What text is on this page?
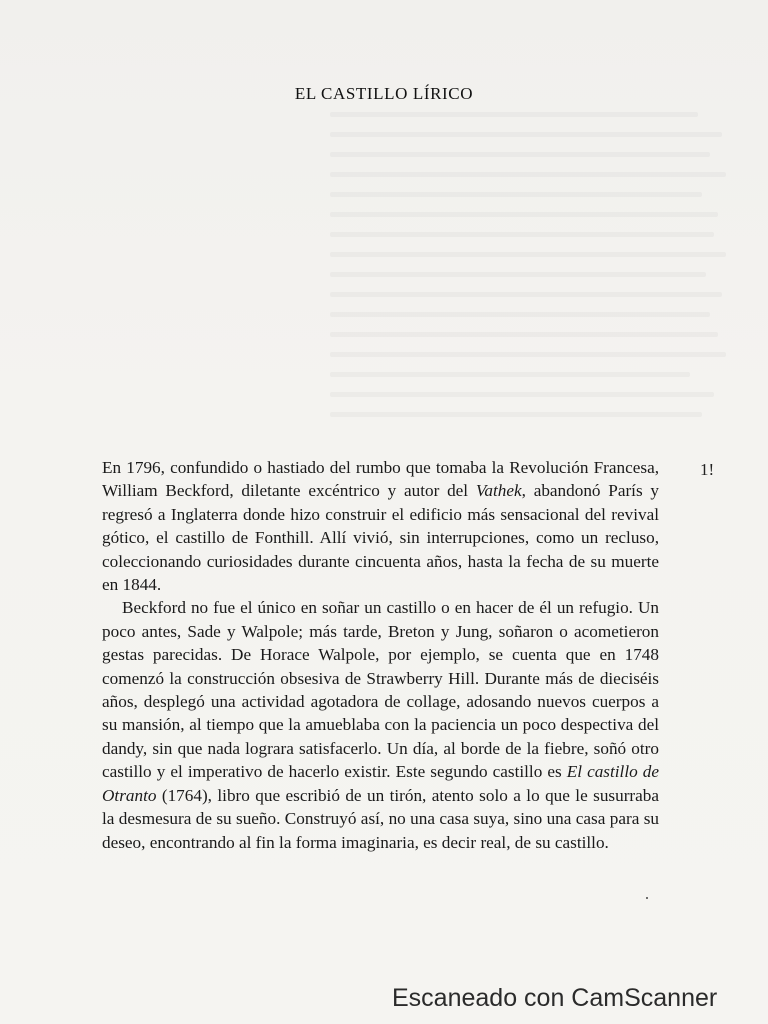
EL CASTILLO LÍRICO
1!

En 1796, confundido o hastiado del rumbo que tomaba la Revolución Francesa, William Beckford, diletante excéntrico y autor del Vathek, abandonó París y regresó a Inglaterra donde hizo construir el edificio más sensacional del revival gótico, el castillo de Fonthill. Allí vivió, sin interrupciones, como un recluso, coleccionando curiosidades durante cincuenta años, hasta la fecha de su muerte en 1844.

Beckford no fue el único en soñar un castillo o en hacer de él un refugio. Un poco antes, Sade y Walpole; más tarde, Breton y Jung, soñaron o acometieron gestas parecidas. De Horace Walpole, por ejemplo, se cuenta que en 1748 comenzó la construcción obsesiva de Strawberry Hill. Durante más de dieciséis años, desplegó una actividad agotadora de collage, adosando nuevos cuerpos a su mansión, al tiempo que la amueblaba con la paciencia un poco despectiva del dandy, sin que nada lograra satisfacerlo. Un día, al borde de la fiebre, soñó otro castillo y el imperativo de hacerlo existir. Este segundo castillo es El castillo de Otranto (1764), libro que escribió de un tirón, atento solo a lo que le susurraba la desmesura de su sueño. Construyó así, no una casa suya, sino una casa para su deseo, encontrando al fin la forma imaginaria, es decir real, de su castillo.

Escaneado con CamScanner
